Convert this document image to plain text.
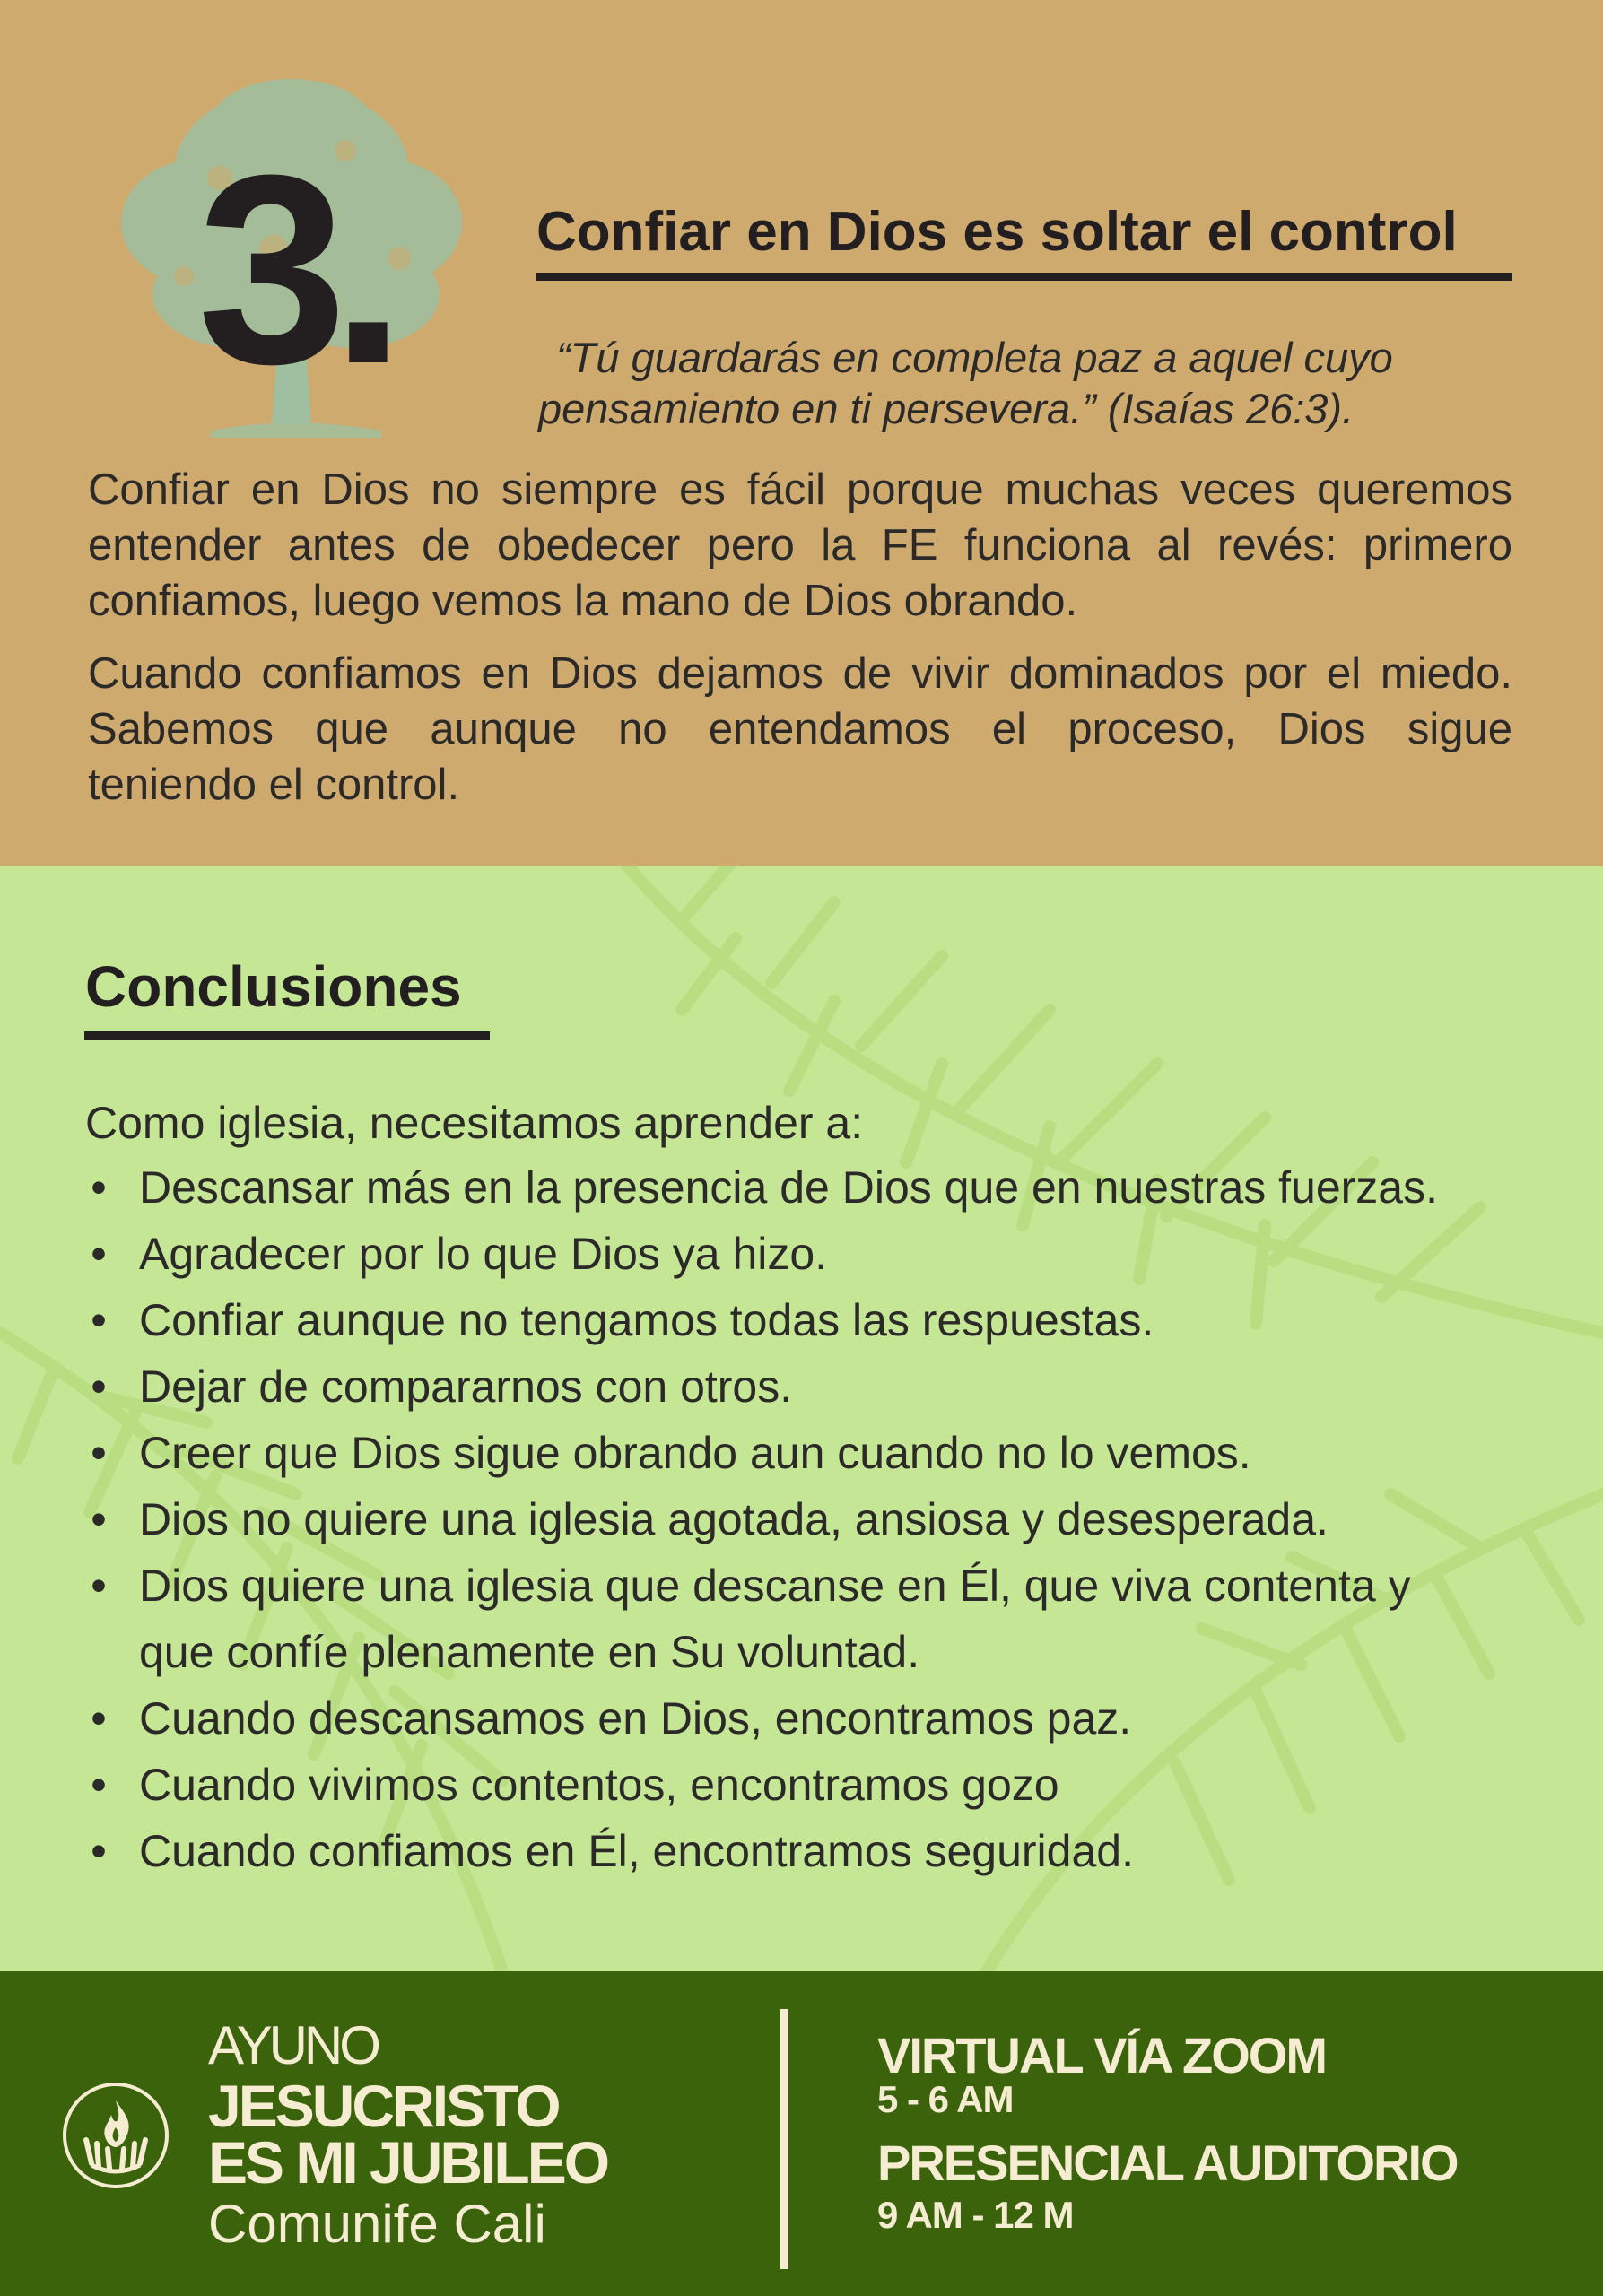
3.	Confiar en Dios es soltar el control
“Tú guardarás en completa paz a aquel cuyo
pensamiento en ti persevera.” (Isaías 26:3).
Confiar en Dios no siempre es fácil porque muchas veces queremos
entender antes de obedecer pero la FE funciona al revés: primero
confiamos, luego vemos la mano de Dios obrando.
Cuando confiamos en Dios dejamos de vivir dominados por el miedo.
Sabemos que aunque no entendamos el proceso, Dios sigue
teniendo el control.
Conclusiones
Como iglesia, necesitamos aprender a:
• Descansar más en la presencia de Dios que en nuestras fuerzas.
• Agradecer por lo que Dios ya hizo.
• Confiar aunque no tengamos todas las respuestas.
• Dejar de compararnos con otros.
• Creer que Dios sigue obrando aun cuando no lo vemos.
• Dios no quiere una iglesia agotada, ansiosa y desesperada.
• Dios quiere una iglesia que descanse en Él, que viva contenta y
que confíe plenamente en Su voluntad.
• Cuando descansamos en Dios, encontramos paz.
• Cuando vivimos contentos, encontramos gozo
• Cuando confiamos en Él, encontramos seguridad.
AYUNO
JESUCRISTO
ES MI JUBILEO
Comunife Cali
VIRTUAL VÍA ZOOM
5 - 6 AM
PRESENCIAL AUDITORIO
9 AM - 12 M
